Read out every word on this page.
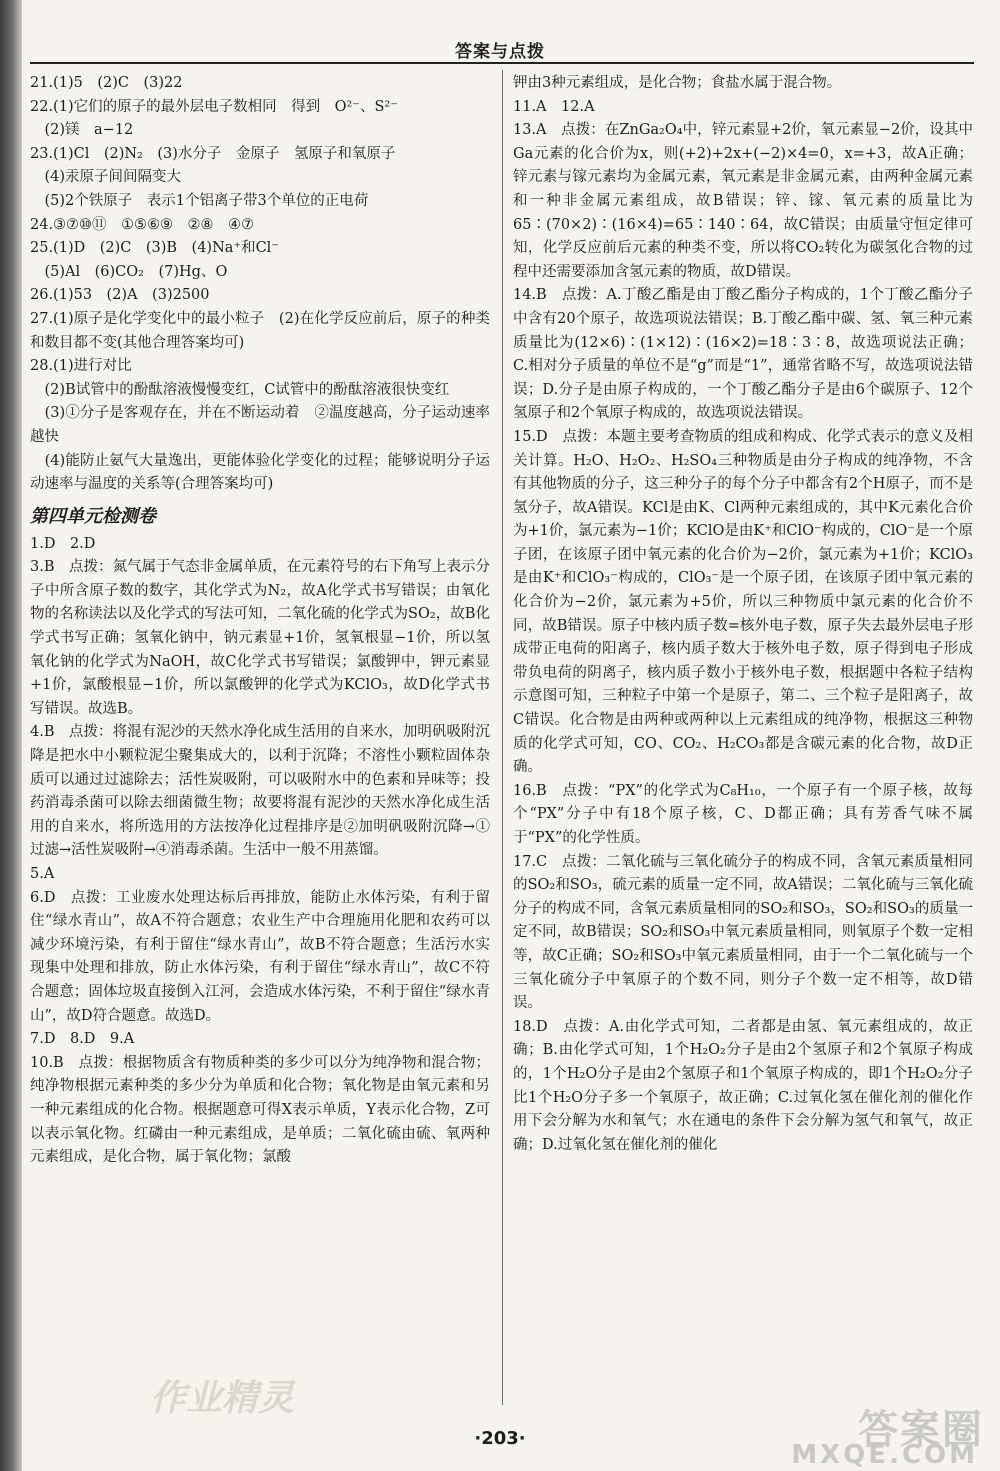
答案与点拨

21.(1)5　(2)C　(3)22

22.(1)它们的原子的最外层电子数相同　得到　O²⁻、S²⁻

　(2)镁　a−12

23.(1)Cl　(2)N₂　(3)水分子　金原子　氢原子和氧原子

　(4)汞原子间间隔变大

　(5)2个铁原子　表示1个铝离子带3个单位的正电荷

24.③⑦⑩⑪　①⑤⑥⑨　②⑧　④⑦

25.(1)D　(2)C　(3)B　(4)Na⁺和Cl⁻

　(5)Al　(6)CO₂　(7)Hg、O

26.(1)53　(2)A　(3)2500

27.(1)原子是化学变化中的最小粒子　(2)在化学反应前后，原子的种类和数目都不变(其他合理答案均可)

28.(1)进行对比

　(2)B试管中的酚酞溶液慢慢变红，C试管中的酚酞溶液很快变红

　(3)①分子是客观存在，并在不断运动着　②温度越高，分子运动速率越快

　(4)能防止氨气大量逸出，更能体验化学变化的过程；能够说明分子运动速率与温度的关系等(合理答案均可)

第四单元检测卷

1.D　2.D

3.B　点拨：氮气属于气态非金属单质，在元素符号的右下角写上表示分子中所含原子数的数字，其化学式为N₂，故A化学式书写错误；由氧化物的名称读法以及化学式的写法可知，二氧化硫的化学式为SO₂，故B化学式书写正确；氢氧化钠中，钠元素显+1价，氢氧根显−1价，所以氢氧化钠的化学式为NaOH，故C化学式书写错误；氯酸钾中，钾元素显+1价，氯酸根显−1价，所以氯酸钾的化学式为KClO₃，故D化学式书写错误。故选B。

4.B　点拨：将混有泥沙的天然水净化成生活用的自来水，加明矾吸附沉降是把水中小颗粒泥尘聚集成大的，以利于沉降；不溶性小颗粒固体杂质可以通过过滤除去；活性炭吸附，可以吸附水中的色素和异味等；投药消毒杀菌可以除去细菌微生物；故要将混有泥沙的天然水净化成生活用的自来水，将所选用的方法按净化过程排序是②加明矾吸附沉降→①过滤→活性炭吸附→④消毒杀菌。生活中一般不用蒸馏。

5.A

6.D　点拨：工业废水处理达标后再排放，能防止水体污染，有利于留住“绿水青山”，故A不符合题意；农业生产中合理施用化肥和农药可以减少环境污染，有利于留住“绿水青山”，故B不符合题意；生活污水实现集中处理和排放，防止水体污染，有利于留住“绿水青山”，故C不符合题意；固体垃圾直接倒入江河，会造成水体污染，不利于留住“绿水青山”，故D符合题意。故选D。

7.D　8.D　9.A

10.B　点拨：根据物质含有物质种类的多少可以分为纯净物和混合物；纯净物根据元素种类的多少分为单质和化合物；氧化物是由氧元素和另一种元素组成的化合物。根据题意可得X表示单质，Y表示化合物，Z可以表示氧化物。红磷由一种元素组成，是单质；二氧化硫由硫、氧两种元素组成，是化合物，属于氧化物；氯酸

钾由3种元素组成，是化合物；食盐水属于混合物。

11.A　12.A

13.A　点拨：在ZnGa₂O₄中，锌元素显+2价，氧元素显−2价，设其中Ga元素的化合价为x，则(+2)+2x+(−2)×4=0，x=+3，故A正确；锌元素与镓元素均为金属元素，氧元素是非金属元素，由两种金属元素和一种非金属元素组成，故B错误；锌、镓、氧元素的质量比为65∶(70×2)∶(16×4)=65∶140∶64，故C错误；由质量守恒定律可知，化学反应前后元素的种类不变，所以将CO₂转化为碳氢化合物的过程中还需要添加含氢元素的物质，故D错误。

14.B　点拨：A.丁酸乙酯是由丁酸乙酯分子构成的，1个丁酸乙酯分子中含有20个原子，故选项说法错误；B.丁酸乙酯中碳、氢、氧三种元素质量比为(12×6)∶(1×12)∶(16×2)=18∶3∶8，故选项说法正确；C.相对分子质量的单位不是“g”而是“1”，通常省略不写，故选项说法错误；D.分子是由原子构成的，一个丁酸乙酯分子是由6个碳原子、12个氢原子和2个氧原子构成的，故选项说法错误。

15.D　点拨：本题主要考查物质的组成和构成、化学式表示的意义及相关计算。H₂O、H₂O₂、H₂SO₄三种物质是由分子构成的纯净物，不含有其他物质的分子，这三种分子的每个分子中都含有2个H原子，而不是氢分子，故A错误。KCl是由K、Cl两种元素组成的，其中K元素化合价为+1价，氯元素为−1价；KClO是由K⁺和ClO⁻构成的，ClO⁻是一个原子团，在该原子团中氧元素的化合价为−2价，氯元素为+1价；KClO₃是由K⁺和ClO₃⁻构成的，ClO₃⁻是一个原子团，在该原子团中氧元素的化合价为−2价，氯元素为+5价，所以三种物质中氯元素的化合价不同，故B错误。原子中核内质子数=核外电子数，原子失去最外层电子形成带正电荷的阳离子，核内质子数大于核外电子数，原子得到电子形成带负电荷的阴离子，核内质子数小于核外电子数，根据题中各粒子结构示意图可知，三种粒子中第一个是原子，第二、三个粒子是阳离子，故C错误。化合物是由两种或两种以上元素组成的纯净物，根据这三种物质的化学式可知，CO、CO₂、H₂CO₃都是含碳元素的化合物，故D正确。

16.B　点拨：“PX”的化学式为C₈H₁₀，一个原子有一个原子核，故每个“PX”分子中有18个原子核，C、D都正确；具有芳香气味不属于“PX”的化学性质。

17.C　点拨：二氧化硫与三氧化硫分子的构成不同，含氧元素质量相同的SO₂和SO₃，硫元素的质量一定不同，故A错误；二氧化硫与三氧化硫分子的构成不同，含氧元素质量相同的SO₂和SO₃，SO₂和SO₃的质量一定不同，故B错误；SO₂和SO₃中氧元素质量相同，则氧原子个数一定相等，故C正确；SO₂和SO₃中氧元素质量相同，由于一个二氧化硫与一个三氧化硫分子中氧原子的个数不同，则分子个数一定不相等，故D错误。

18.D　点拨：A.由化学式可知，二者都是由氢、氧元素组成的，故正确；B.由化学式可知，1个H₂O₂分子是由2个氢原子和2个氧原子构成的，1个H₂O分子是由2个氢原子和1个氧原子构成的，即1个H₂O₂分子比1个H₂O分子多一个氧原子，故正确；C.过氧化氢在催化剂的催化作用下会分解为水和氧气；水在通电的条件下会分解为氢气和氧气，故正确；D.过氧化氢在催化剂的催化

·203·
作业精灵
答案圈
MXQE.COM
